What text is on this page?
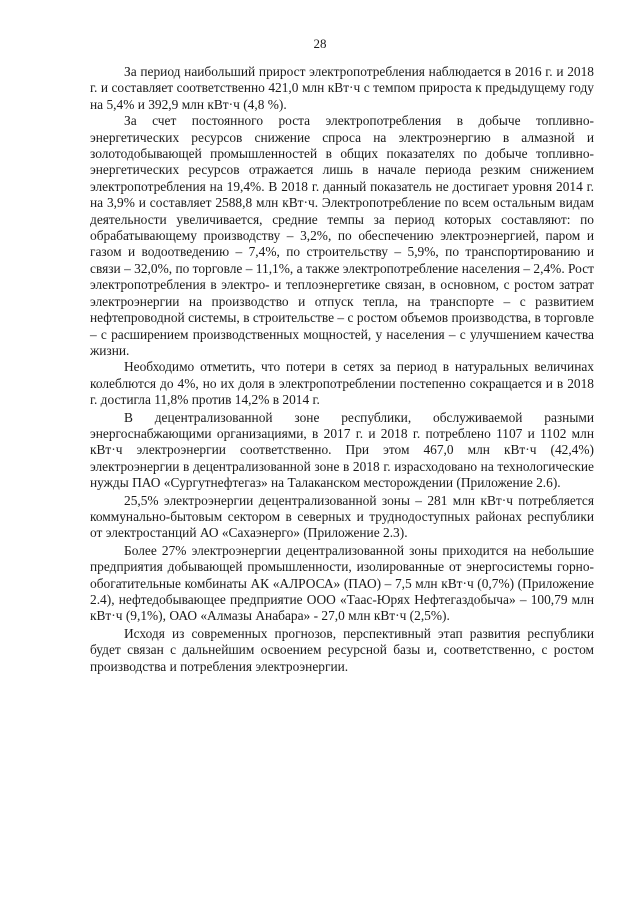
28

За период наибольший прирост электропотребления наблюдается в 2016 г. и 2018 г. и составляет соответственно 421,0 млн кВт·ч с темпом прироста к предыдущему году на 5,4% и 392,9 млн кВт·ч (4,8 %).

За счет постоянного роста электропотребления в добыче топливно-энергетических ресурсов снижение спроса на электроэнергию в алмазной и золотодобывающей промышленностей в общих показателях по добыче топливно-энергетических ресурсов отражается лишь в начале периода резким снижением электропотребления на 19,4%. В 2018 г. данный показатель не достигает уровня 2014 г. на 3,9% и составляет 2588,8 млн кВт·ч. Электропотребление по всем остальным видам деятельности увеличивается, средние темпы за период которых составляют: по обрабатывающему производству – 3,2%, по обеспечению электроэнергией, паром и газом и водоотведению – 7,4%, по строительству – 5,9%, по транспортированию и связи – 32,0%, по торговле – 11,1%, а также электропотребление населения – 2,4%. Рост электропотребления в электро- и теплоэнергетике связан, в основном, с ростом затрат электроэнергии на производство и отпуск тепла, на транспорте – с развитием нефтепроводной системы, в строительстве – с ростом объемов производства, в торговле – с расширением производственных мощностей, у населения – с улучшением качества жизни.

Необходимо отметить, что потери в сетях за период в натуральных величинах колеблются до 4%, но их доля в электропотреблении постепенно сокращается и в 2018 г. достигла 11,8% против 14,2% в 2014 г.

В децентрализованной зоне республики, обслуживаемой разными энергоснабжающими организациями, в 2017 г. и 2018 г. потреблено 1107 и 1102 млн кВт·ч электроэнергии соответственно. При этом 467,0 млн кВт·ч (42,4%) электроэнергии в децентрализованной зоне в 2018 г. израсходовано на технологические нужды ПАО «Сургутнефтегаз» на Талаканском месторождении (Приложение 2.6).

25,5% электроэнергии децентрализованной зоны – 281 млн кВт·ч потребляется коммунально-бытовым сектором в северных и труднодоступных районах республики от электростанций АО «Сахаэнерго» (Приложение 2.3).

Более 27% электроэнергии децентрализованной зоны приходится на небольшие предприятия добывающей промышленности, изолированные от энергосистемы горно-обогатительные комбинаты АК «АЛРОСА» (ПАО) – 7,5 млн кВт·ч (0,7%) (Приложение 2.4), нефтедобывающее предприятие ООО «Таас-Юрях Нефтегаздобыча» – 100,79 млн кВт·ч (9,1%), ОАО «Алмазы Анабара» - 27,0 млн кВт·ч (2,5%).

Исходя из современных прогнозов, перспективный этап развития республики будет связан с дальнейшим освоением ресурсной базы и, соответственно, с ростом производства и потребления электроэнергии.
